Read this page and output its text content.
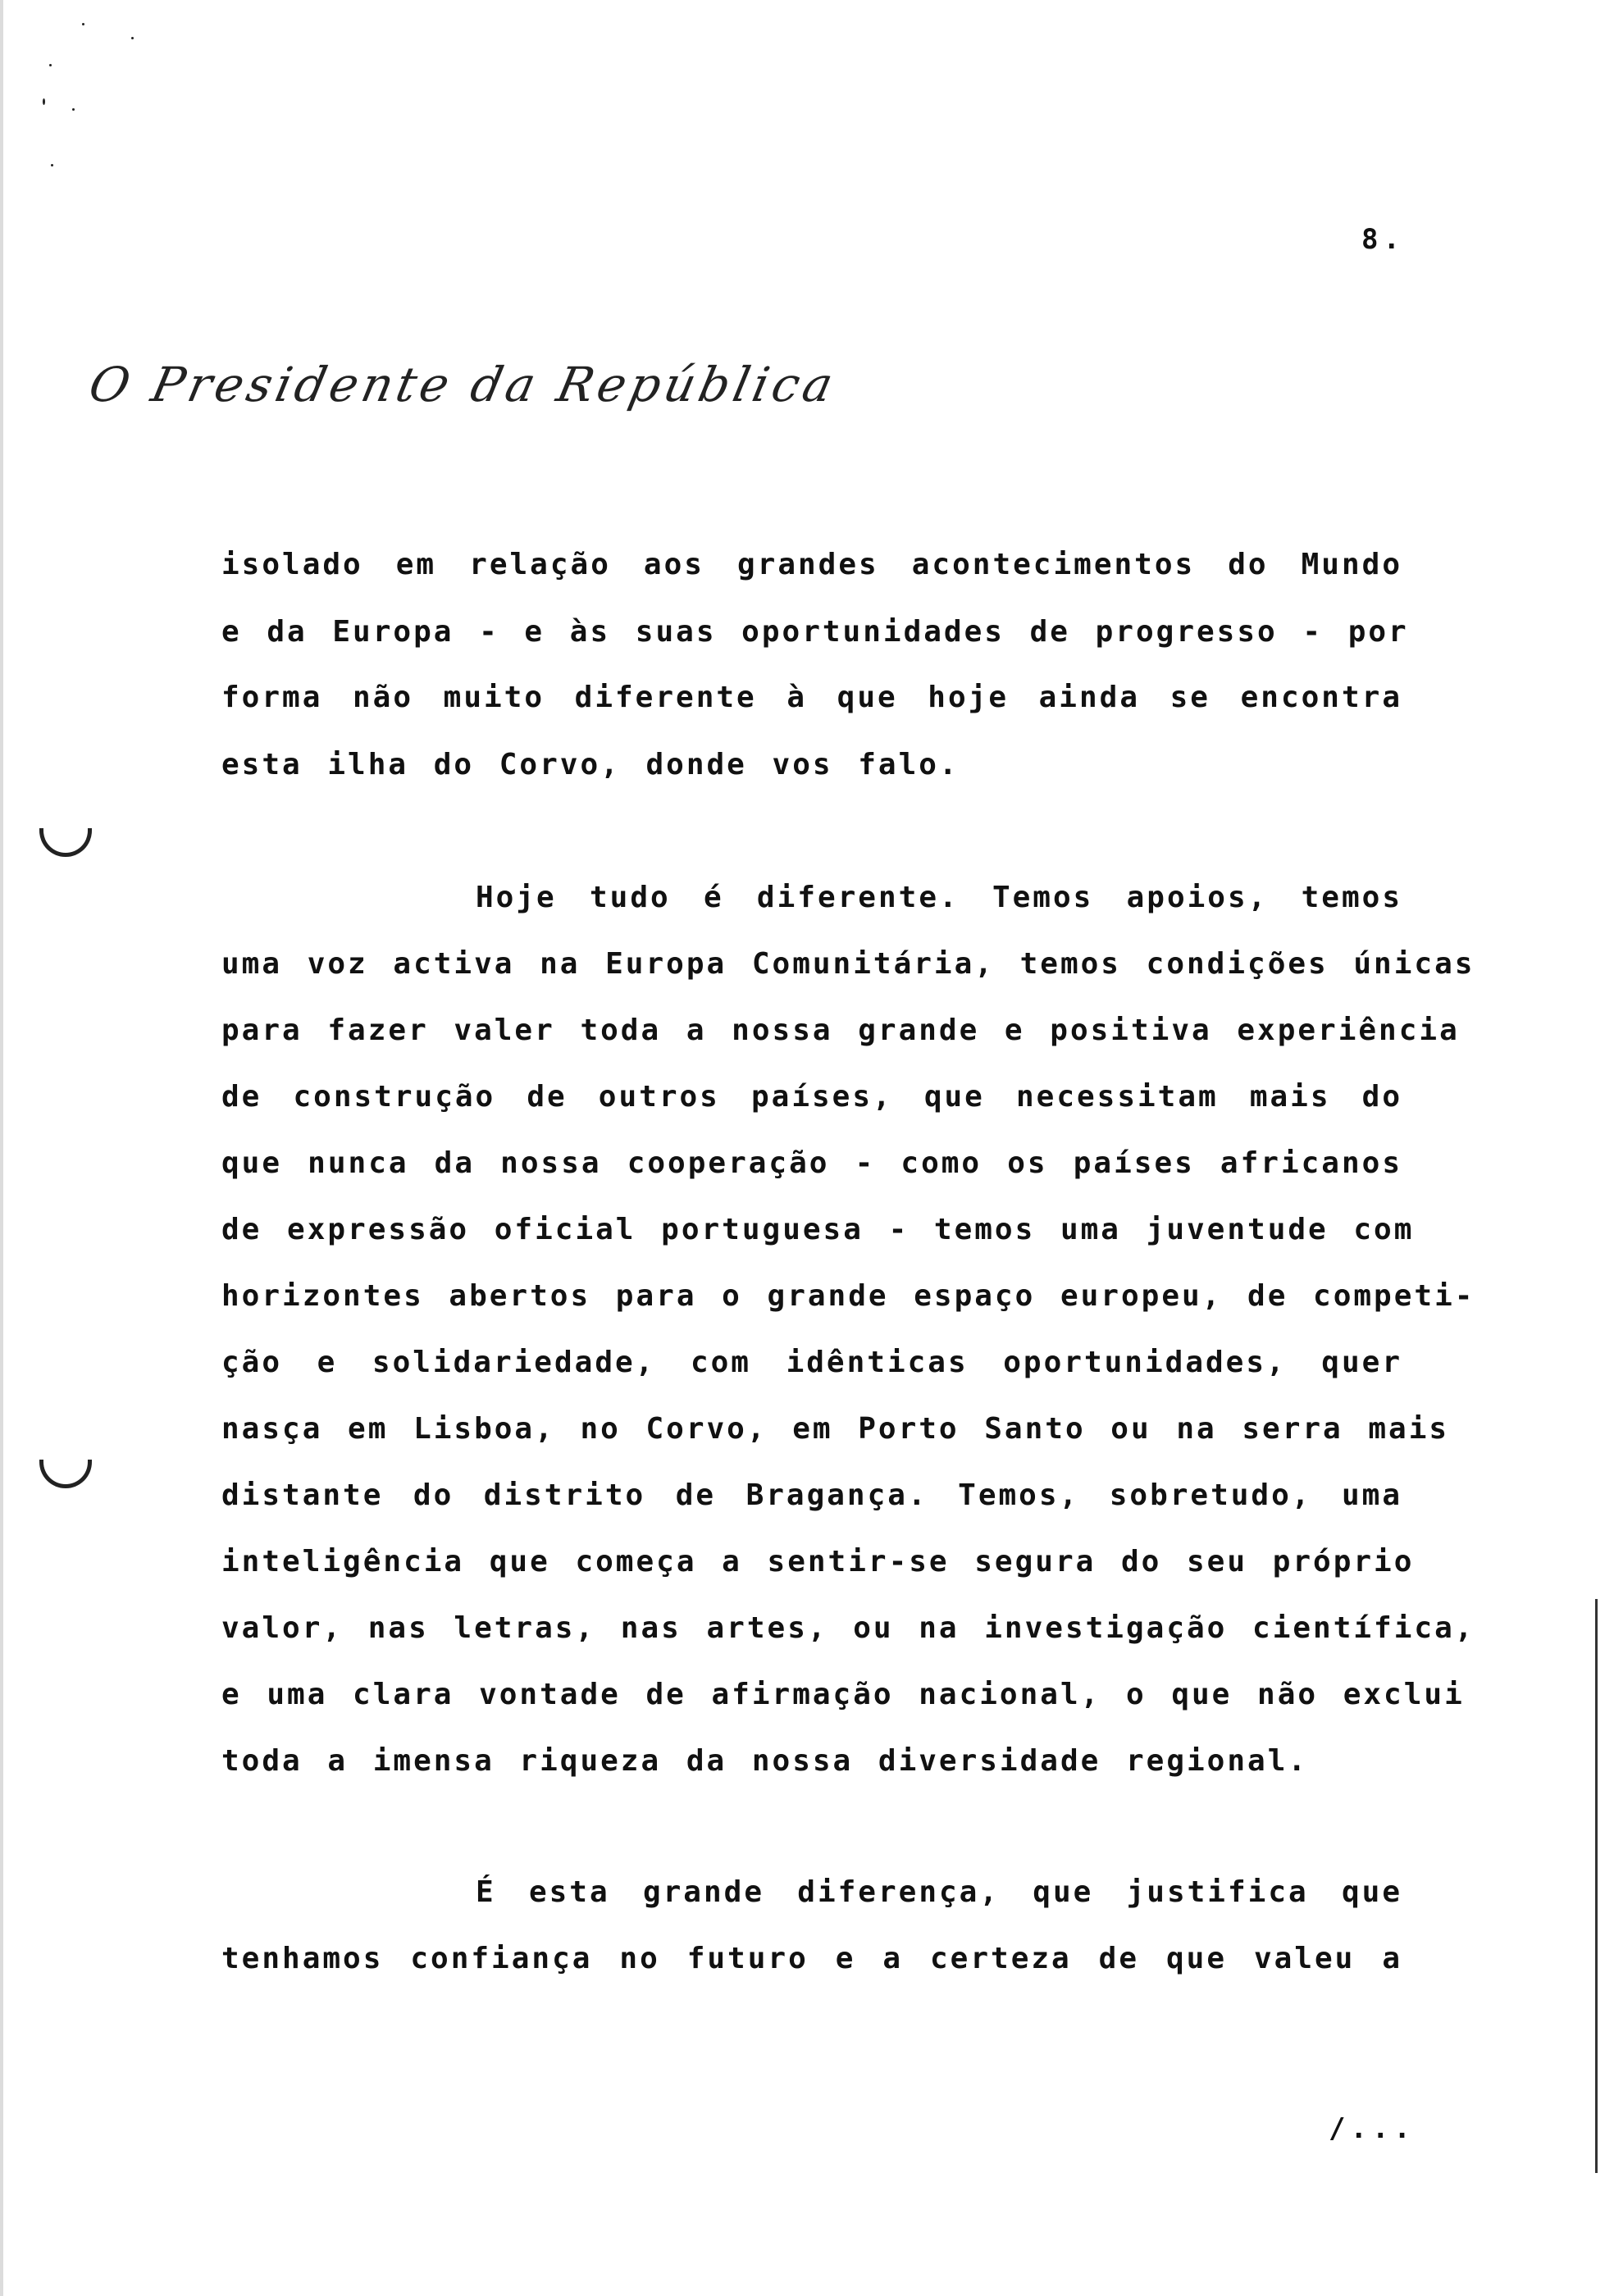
8.
O Presidente da República
isolado em relação aos grandes acontecimentos do Mundo
e da Europa - e às suas oportunidades de progresso - por
forma não muito diferente à que hoje ainda se encontra
esta ilha do Corvo, donde vos falo.
Hoje tudo é diferente. Temos apoios, temos
uma voz activa na Europa Comunitária, temos condições únicas
para fazer valer toda a nossa grande e positiva experiência
de construção de outros países, que necessitam mais do
que nunca da nossa cooperação - como os países africanos
de expressão oficial portuguesa - temos uma juventude com
horizontes abertos para o grande espaço europeu, de competi-
ção e solidariedade, com idênticas oportunidades, quer
nasça em Lisboa, no Corvo, em Porto Santo ou na serra mais
distante do distrito de Bragança. Temos, sobretudo, uma
inteligência que começa a sentir-se segura do seu próprio
valor, nas letras, nas artes, ou na investigação científica,
e uma clara vontade de afirmação nacional, o que não exclui
toda a imensa riqueza da nossa diversidade regional.
É esta grande diferença, que justifica que
tenhamos confiança no futuro e a certeza de que valeu a
/...
